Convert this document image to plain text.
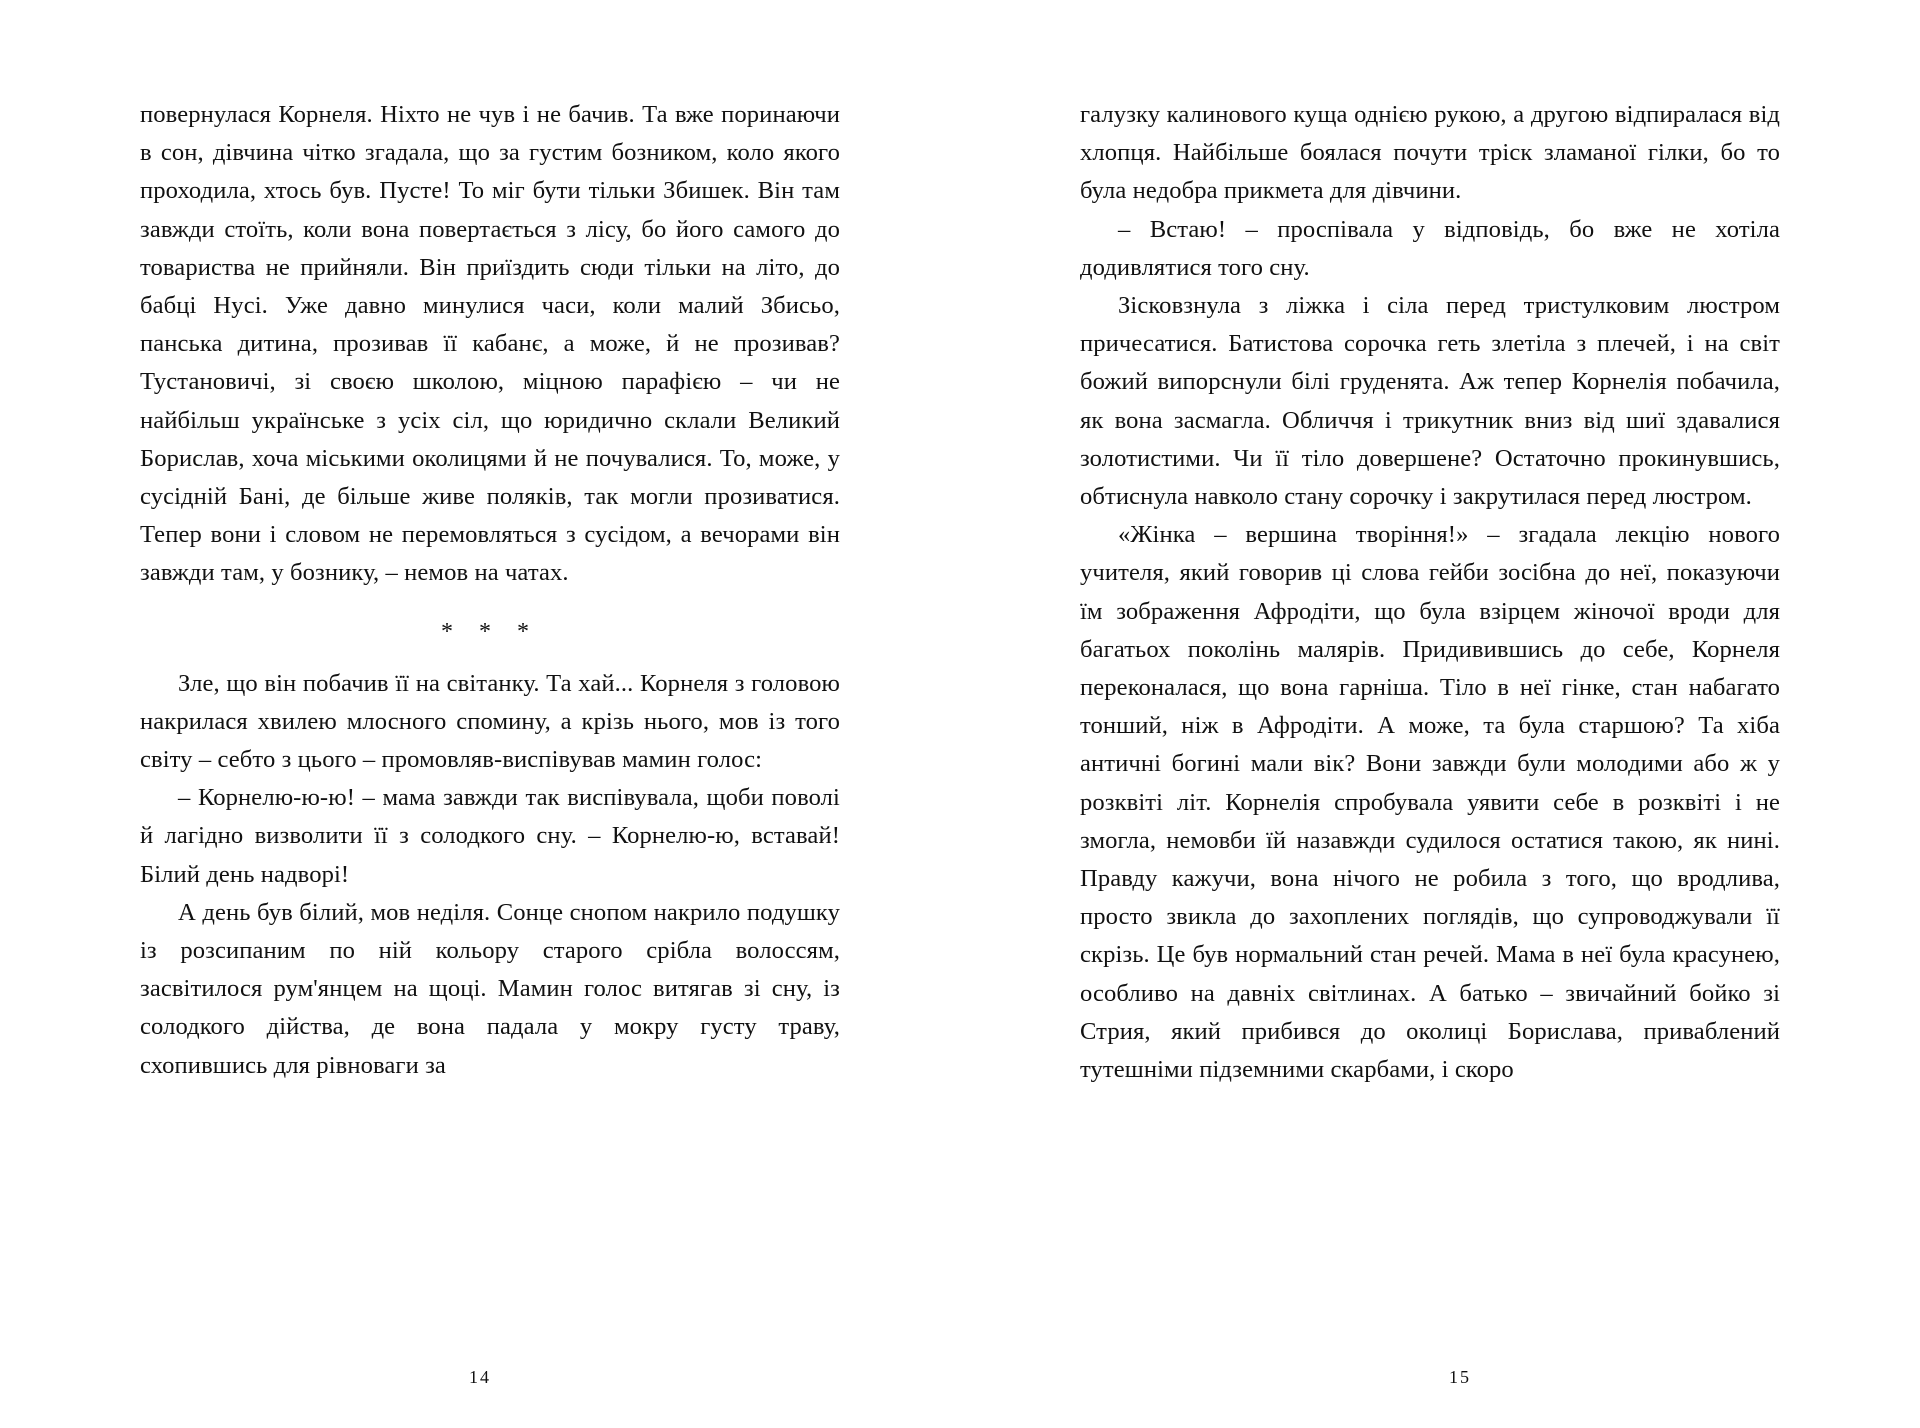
повернулася Корнеля. Ніхто не чув і не бачив. Та вже поринаючи в сон, дівчина чітко згадала, що за густим бозником, коло якого проходила, хтось був. Пусте! То міг бути тільки Збишек. Він там завжди стоїть, коли вона повертається з лісу, бо його самого до товариства не прийняли. Він приїздить сюди тільки на літо, до бабці Нусі. Уже давно минулися часи, коли малий Збисьо, панська дитина, прозивав її кабанє, а може, й не прозивав? Тустановичі, зі своєю школою, міцною парафією – чи не найбільш українське з усіх сіл, що юридично склали Великий Борислав, хоча міськими околицями й не почувалися. То, може, у сусідній Бані, де більше живе поляків, так могли прозиватися. Тепер вони і словом не перемовляться з сусідом, а вечорами він завжди там, у бознику, – немов на чатах.

* * *

Зле, що він побачив її на світанку. Та хай... Корнеля з головою накрилася хвилею млосного спомину, а крізь нього, мов із того світу – себто з цього – промовляв-виспівував мамин голос:

– Корнелю-ю-ю! – мама завжди так виспівувала, щоби поволі й лагідно визволити її з солодкого сну. – Корнелю-ю, вставай! Білий день надворі!

А день був білий, мов неділя. Сонце снопом накрило подушку із розсипаним по ній кольору старого срібла волоссям, засвітилося рум'янцем на щоці. Мамин голос витягав зі сну, із солодкого дійства, де вона падала у мокру густу траву, схопившись для рівноваги за

14

галузку калинового куща однією рукою, а другою відпиралася від хлопця. Найбільше боялася почути тріск зламаної гілки, бо то була недобра прикмета для дівчини.

– Встаю! – проспівала у відповідь, бо вже не хотіла додивлятися того сну.

Зісковзнула з ліжка і сіла перед тристулковим люстром причесатися. Батистова сорочка геть злетіла з плечей, і на світ божий випорснули білі груденята. Аж тепер Корнелія побачила, як вона засмагла. Обличчя і трикутник вниз від шиї здавалися золотистими. Чи її тіло довершене? Остаточно прокинувшись, обтиснула навколо стану сорочку і закрутилася перед люстром.

«Жінка – вершина творіння!» – згадала лекцію нового учителя, який говорив ці слова гейби зосібна до неї, показуючи їм зображення Афродіти, що була взірцем жіночої вроди для багатьох поколінь малярів. Придивившись до себе, Корнеля переконалася, що вона гарніша. Тіло в неї гінке, стан набагато тонший, ніж в Афродіти. А може, та була старшою? Та хіба античні богині мали вік? Вони завжди були молодими або ж у розквіті літ. Корнелія спробувала уявити себе в розквіті і не змогла, немовби їй назавжди судилося остатися такою, як нині. Правду кажучи, вона нічого не робила з того, що вродлива, просто звикла до захоплених поглядів, що супроводжували її скрізь. Це був нормальний стан речей. Мама в неї була красунею, особливо на давніх світлинах. А батько – звичайний бойко зі Стрия, який прибився до околиці Борислава, приваблений тутешніми підземними скарбами, і скоро

15
